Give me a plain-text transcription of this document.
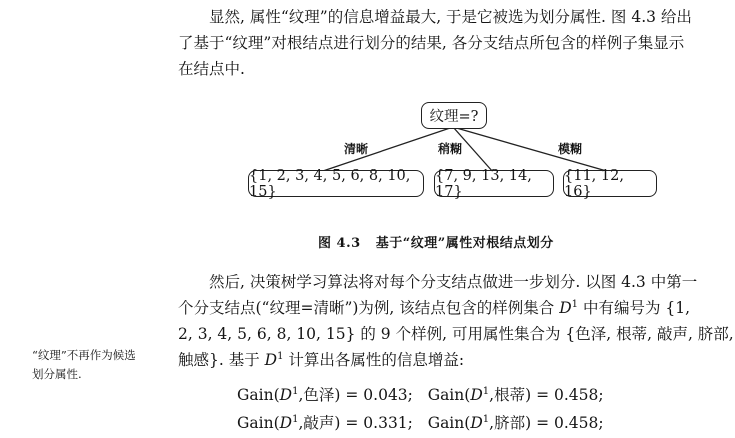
显然, 属性“纹理”的信息增益最大, 于是它被选为划分属性. 图 4.3 给出
了基于“纹理”对根结点进行划分的结果, 各分支结点所包含的样例子集显示
在结点中.
纹理=?
清晰	稍糊	模糊
{1, 2, 3, 4, 5, 6, 8, 10, 15}
{7, 9, 13, 14, 17}
{11, 12, 16}
图 4.3 基于“纹理”属性对根结点划分
然后, 决策树学习算法将对每个分支结点做进一步划分. 以图 4.3 中第一
个分支结点(“纹理=清晰”)为例, 该结点包含的样例集合 $D^1$ 中有编号为 {1,
2, 3, 4, 5, 6, 8, 10, 15} 的 9 个样例, 可用属性集合为 {色泽, 根蒂, 敲声, 脐部,
触感}. 基于 $D^1$ 计算出各属性的信息增益:
“纹理”不再作为候选
划分属性.
$Gain(D^1$,色泽) = 0.043;   $Gain(D^1$,根蒂) = 0.458;
$Gain(D^1$,敲声) = 0.331;   $Gain(D^1$,脐部) = 0.458;
